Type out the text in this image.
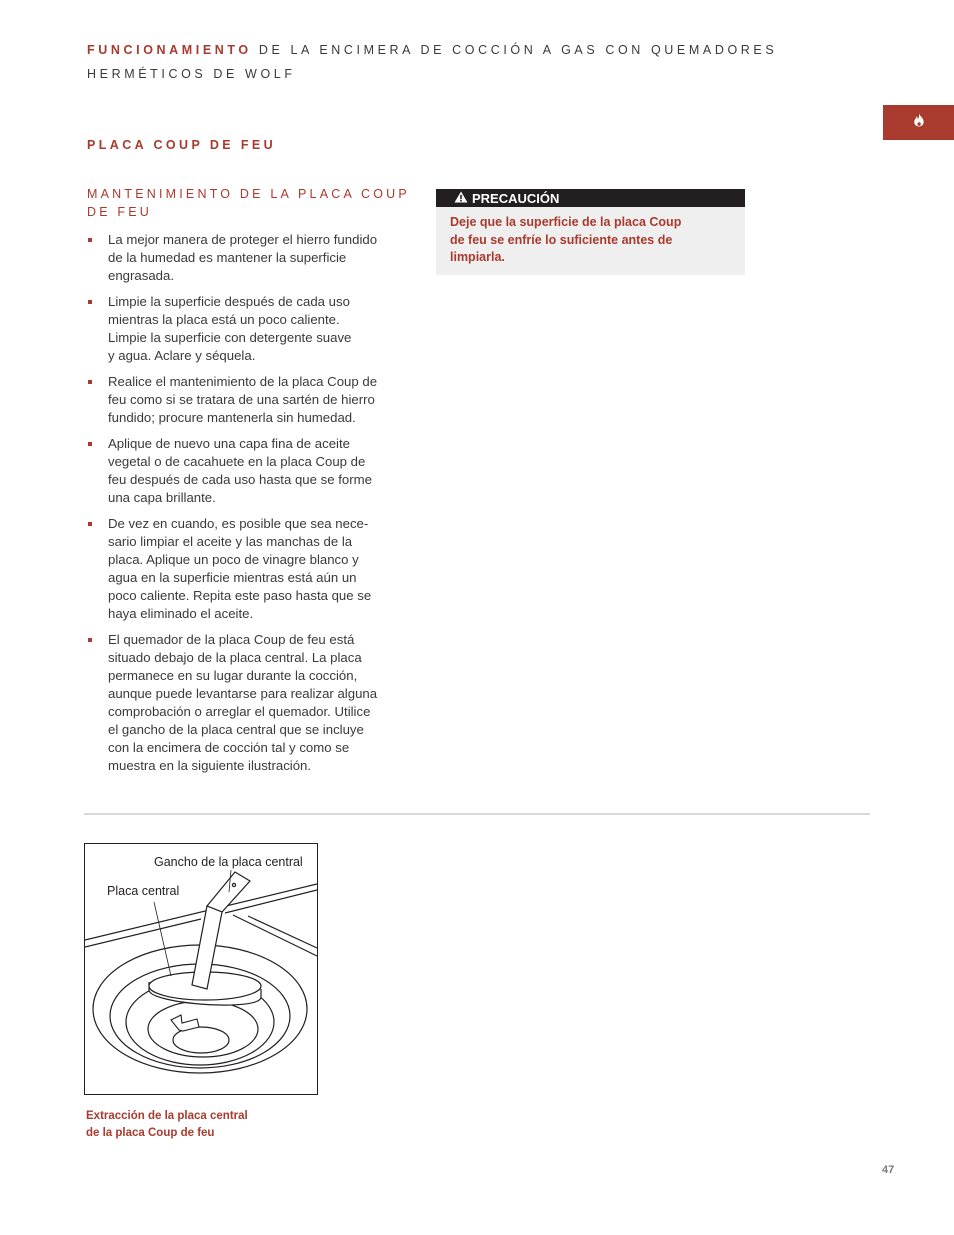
FUNCIONAMIENTO DE LA ENCIMERA DE COCCIÓN A GAS CON QUEMADORES
HERMÉTICOS DE WOLF
PLACA COUP DE FEU
MANTENIMIENTO DE LA PLACA COUP
DE FEU
La mejor manera de proteger el hierro fundido
de la humedad es mantener la superficie
engrasada.
Limpie la superficie después de cada uso
mientras la placa está un poco caliente.
Limpie la superficie con detergente suave
y agua. Aclare y séquela.
Realice el mantenimiento de la placa Coup de
feu como si se tratara de una sartén de hierro
fundido; procure mantenerla sin humedad.
Aplique de nuevo una capa fina de aceite
vegetal o de cacahuete en la placa Coup de
feu después de cada uso hasta que se forme
una capa brillante.
De vez en cuando, es posible que sea nece-
sario limpiar el aceite y las manchas de la
placa. Aplique un poco de vinagre blanco y
agua en la superficie mientras está aún un
poco caliente. Repita este paso hasta que se
haya eliminado el aceite.
El quemador de la placa Coup de feu está
situado debajo de la placa central. La placa
permanece en su lugar durante la cocción,
aunque puede levantarse para realizar alguna
comprobación o arreglar el quemador. Utilice
el gancho de la placa central que se incluye
con la encimera de cocción tal y como se
muestra en la siguiente ilustración.
PRECAUCIÓN
Deje que la superficie de la placa Coup
de feu se enfríe lo suficiente antes de
limpiarla.
Gancho de la placa central
Placa central
Extracción de la placa central
de la placa Coup de feu
47
